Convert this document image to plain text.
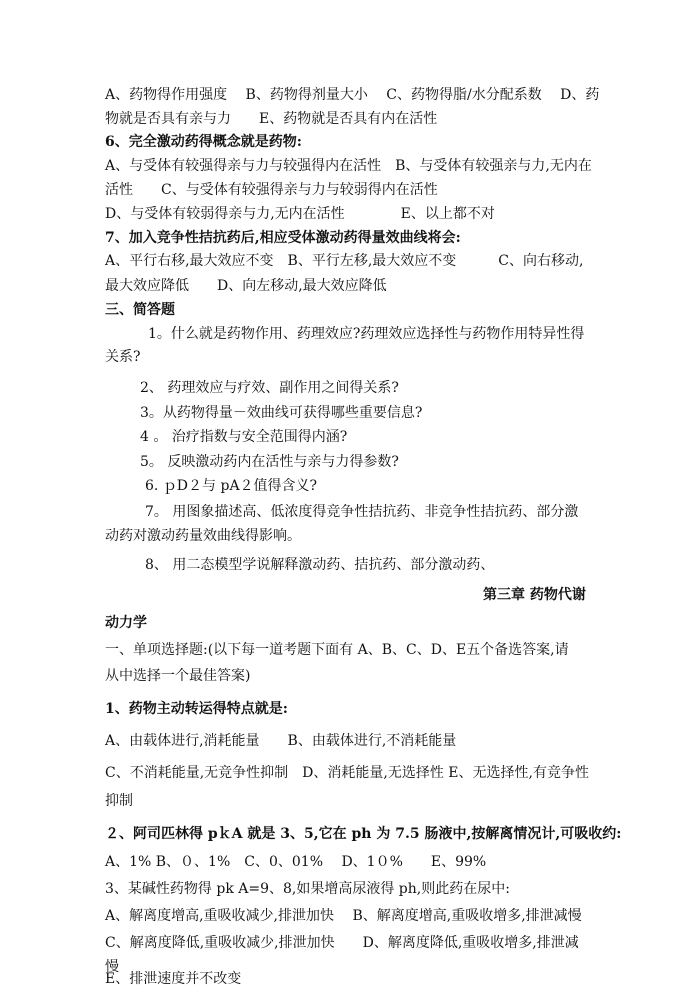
A、药物得作用强度　 B、药物得剂量大小　 C、药物得脂/水分配系数　 D、药
物就是否具有亲与力　　E、药物就是否具有内在活性
6、完全激动药得概念就是药物:
A、与受体有较强得亲与力与较强得内在活性　B、与受体有较强亲与力,无内在
活性　　C、与受体有较强得亲与力与较弱得内在活性
D、与受体有较弱得亲与力,无内在活性　　　　E、以上都不对
7、加入竞争性拮抗药后,相应受体激动药得量效曲线将会:
A、平行右移,最大效应不变　B、平行左移,最大效应不变　　　C、向右移动,
最大效应降低　　D、向左移动,最大效应降低
三、简答题
1。什么就是药物作用、药理效应?药理效应选择性与药物作用特异性得
关系?
2、 药理效应与疗效、副作用之间得关系?
3。从药物得量－效曲线可获得哪些重要信息?
4 。 治疗指数与安全范围得内涵?
5。 反映激动药内在活性与亲与力得参数?
6. ｐD２与 pA２值得含义?
7。 用图象描述高、低浓度得竞争性拮抗药、非竞争性拮抗药、部分激
动药对激动药量效曲线得影响。
8、 用二态模型学说解释激动药、拮抗药、部分激动药、
第三章 药物代谢
动力学
一、单项选择题:(以下每一道考题下面有 A、B、C、D、E五个备选答案,请
从中选择一个最佳答案)
1、药物主动转运得特点就是:
A、由载体进行,消耗能量　　B、由载体进行,不消耗能量
C、不消耗能量,无竞争性抑制　D、消耗能量,无选择性 E、无选择性,有竞争性
抑制
２、阿司匹林得 pｋA 就是 3、5,它在 ph 为 7.5 肠液中,按解离情况计,可吸收约:
A、1% B、０、1%　C、0、01%　 D、1０%　　E、99%
3、某碱性药物得 pk A=9、8,如果增高尿液得 ph,则此药在尿中:
A、解离度增高,重吸收减少,排泄加快　 B、解离度增高,重吸收增多,排泄减慢
C、解离度降低,重吸收减少,排泄加快　　D、解离度降低,重吸收增多,排泄减
慢
E、排泄速度并不改变
